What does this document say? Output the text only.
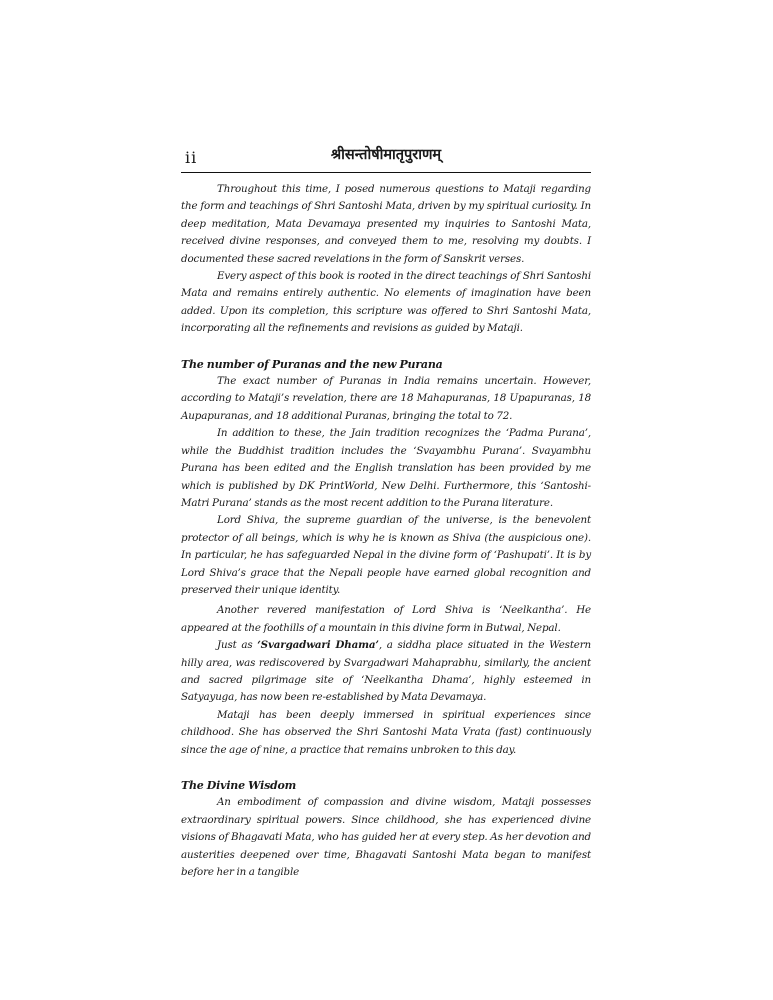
ii	श्रीसन्तोषीमातृपुराणम्

Throughout this time, I posed numerous questions to Mataji regarding the form and teachings of Shri Santoshi Mata, driven by my spiritual curiosity. In deep meditation, Mata Devamaya presented my inquiries to Santoshi Mata, received divine responses, and conveyed them to me, resolving my doubts. I documented these sacred revelations in the form of Sanskrit verses.

Every aspect of this book is rooted in the direct teachings of Shri Santoshi Mata and remains entirely authentic. No elements of imagination have been added. Upon its completion, this scripture was offered to Shri Santoshi Mata, incorporating all the refinements and revisions as guided by Mataji.

The number of Puranas and the new Purana

The exact number of Puranas in India remains uncertain. However, according to Mataji’s revelation, there are 18 Mahapuranas, 18 Upapuranas, 18 Aupapuranas, and 18 additional Puranas, bringing the total to 72.

In addition to these, the Jain tradition recognizes the ‘Padma Purana’, while the Buddhist tradition includes the ‘Svayambhu Purana’. Svayambhu Purana has been edited and the English translation has been provided by me which is published by DK PrintWorld, New Delhi. Furthermore, this ‘Santoshi-Matri Purana’ stands as the most recent addition to the Purana literature.

Lord Shiva, the supreme guardian of the universe, is the benevolent protector of all beings, which is why he is known as Shiva (the auspicious one). In particular, he has safeguarded Nepal in the divine form of ‘Pashupati’. It is by Lord Shiva’s grace that the Nepali people have earned global recognition and preserved their unique identity.

Another revered manifestation of Lord Shiva is ‘Neelkantha’. He appeared at the foothills of a mountain in this divine form in Butwal, Nepal.

Just as ‘Svargadwari Dhama’, a siddha place situated in the Western hilly area, was rediscovered by Svargadwari Mahaprabhu, similarly, the ancient and sacred pilgrimage site of ‘Neelkantha Dhama’, highly esteemed in Satyayuga, has now been re-established by Mata Devamaya.

Mataji has been deeply immersed in spiritual experiences since childhood. She has observed the Shri Santoshi Mata Vrata (fast) continuously since the age of nine, a practice that remains unbroken to this day.

The Divine Wisdom

An embodiment of compassion and divine wisdom, Mataji possesses extraordinary spiritual powers. Since childhood, she has experienced divine visions of Bhagavati Mata, who has guided her at every step. As her devotion and austerities deepened over time, Bhagavati Santoshi Mata began to manifest before her in a tangible
